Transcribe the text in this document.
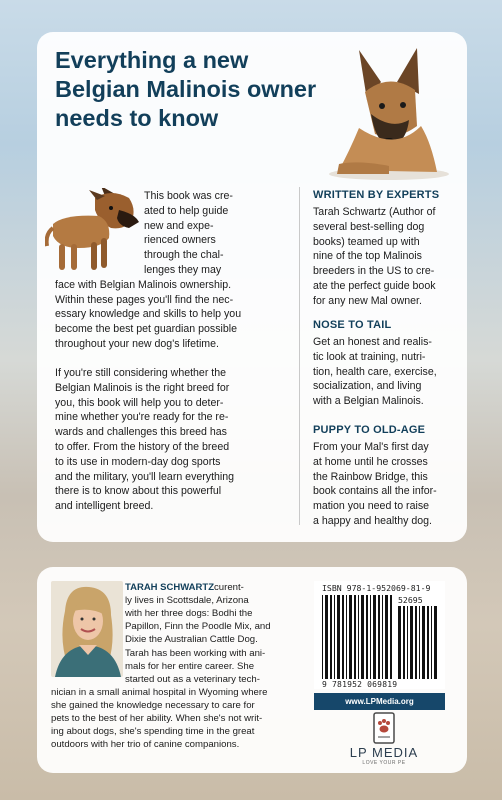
Everything a new Belgian Malinois owner needs to know
This book was cre-
ated to help guide
new and expe-
rienced owners
through the chal-
lenges they may
face with Belgian Malinois ownership.
Within these pages you'll find the nec-
essary knowledge and skills to help you
become the best pet guardian possible
throughout your new dog's lifetime.
If you're still considering whether the
Belgian Malinois is the right breed for
you, this book will help you to deter-
mine whether you're ready for the re-
wards and challenges this breed has
to offer. From the history of the breed
to its use in modern-day dog sports
and the military, you'll learn everything
there is to know about this powerful
and intelligent breed.
WRITTEN BY EXPERTS
Tarah Schwartz (Author of
several best-selling dog
books) teamed up with
nine of the top Malinois
breeders in the US to cre-
ate the perfect guide book
for any new Mal owner.
NOSE TO TAIL
Get an honest and realis-
tic look at training, nutri-
tion, health care, exercise,
socialization, and living
with a Belgian Malinois.
PUPPY TO OLD-AGE
From your Mal's first day
at home until he crosses
the Rainbow Bridge, this
book contains all the infor-
mation you need to raise
a happy and healthy dog.
TARAH SCHWARTZ curent-
ly lives in Scottsdale, Arizona
with her three dogs: Bodhi the
Papillon, Finn the Poodle Mix, and
Dixie the Australian Cattle Dog.
Tarah has been working with ani-
mals for her entire career. She
started out as a veterinary tech-
nician in a small animal hospital in Wyoming where
she gained the knowledge necessary to care for
pets to the best of her ability. When she's not writ-
ing about dogs, she's spending time in the great
outdoors with her trio of canine companions.
ISBN 978-1-952069-81-9
52695
9 781952 069819
www.LPMedia.org
LP MEDIA
LOVE YOUR PE
